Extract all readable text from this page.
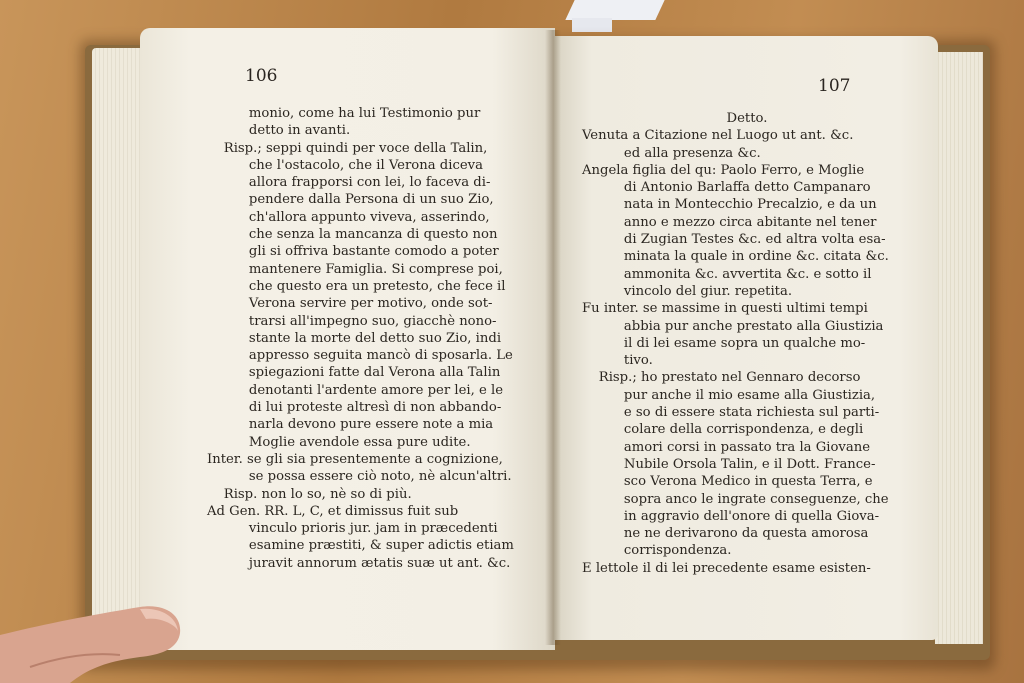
106	107
monio, come ha lui Testimonio pur
detto in avanti.
Risp.; seppi quindi per voce della Talin,
che l'ostacolo, che il Verona diceva
allora frapporsi con lei, lo faceva di-
pendere dalla Persona di un suo Zio,
ch'allora appunto viveva, asserindo,
che senza la mancanza di questo non
gli si offriva bastante comodo a poter
mantenere Famiglia. Si comprese poi,
che questo era un pretesto, che fece il
Verona servire per motivo, onde sot-
trarsi all'impegno suo, giacchè nono-
stante la morte del detto suo Zio, indi
appresso seguita mancò di sposarla. Le
spiegazioni fatte dal Verona alla Talin
denotanti l'ardente amore per lei, e le
di lui proteste altresì di non abbando-
narla devono pure essere note a mia
Moglie avendole essa pure udite.
Inter. se gli sia presentemente a cognizione,
se possa essere ciò noto, nè alcun'altri.
Risp. non lo so, nè so di più.
Ad Gen. RR. L, C, et dimissus fuit sub
vinculo prioris jur. jam in præcedenti
esamine præstiti, & super adictis etiam
juravit annorum ætatis suæ ut ant. &c.
Detto.
Venuta a Citazione nel Luogo ut ant. &c.
ed alla presenza &c.
Angela figlia del qu: Paolo Ferro, e Moglie
di Antonio Barlaffa detto Campanaro
nata in Montecchio Precalzio, e da un
anno e mezzo circa abitante nel tener
di Zugian Testes &c. ed altra volta esa-
minata la quale in ordine &c. citata &c.
ammonita &c. avvertita &c. e sotto il
vincolo del giur. repetita.
Fu inter. se massime in questi ultimi tempi
abbia pur anche prestato alla Giustizia
il di lei esame sopra un qualche mo-
tivo.
Risp.; ho prestato nel Gennaro decorso
pur anche il mio esame alla Giustizia,
e so di essere stata richiesta sul parti-
colare della corrispondenza, e degli
amori corsi in passato tra la Giovane
Nubile Orsola Talin, e il Dott. France-
sco Verona Medico in questa Terra, e
sopra anco le ingrate conseguenze, che
in aggravio dell'onore di quella Giova-
ne ne derivarono da questa amorosa
corrispondenza.
E lettole il di lei precedente esame esisten-
